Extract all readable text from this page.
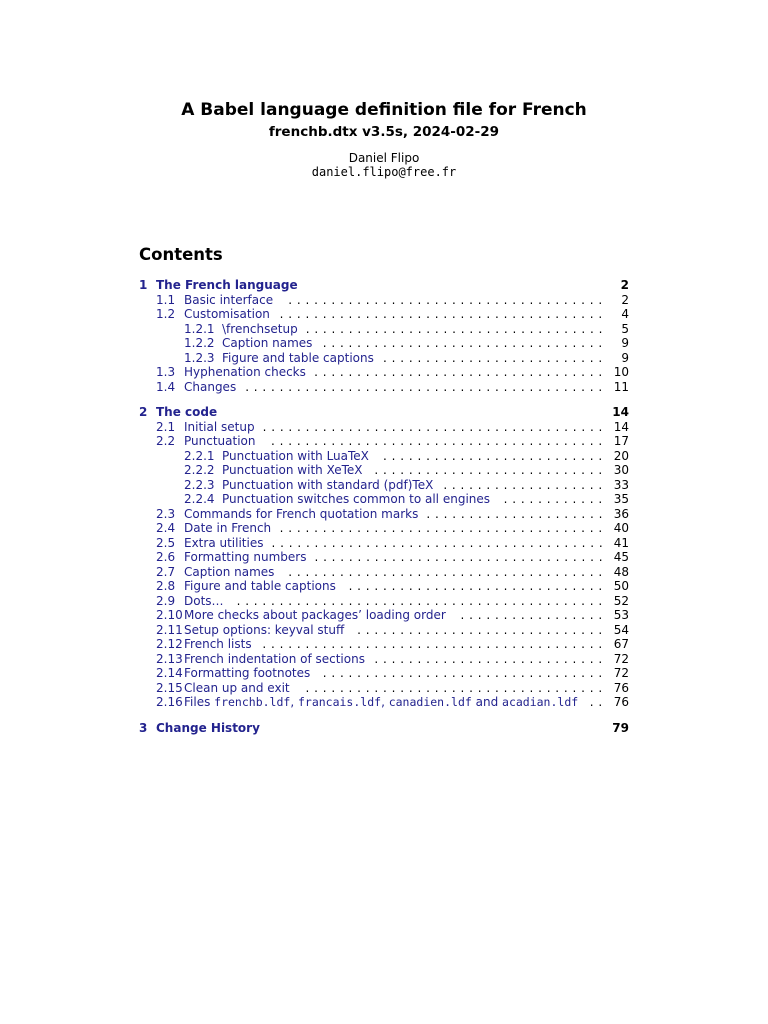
A Babel language definition file for French
frenchb.dtx v3.5s, 2024-02-29
Daniel Flipo
daniel.flipo@free.fr
Contents
1 The French language	2
1.1 Basic interface	..................................... 2
1.2 Customisation ...................................... 4
1.2.1 \frenchsetup ................................... 5
1.2.2 Caption names ................................. 9
1.2.3 Figure and table captions .......................... 9
1.3 Hyphenation checks .................................. 10
1.4 Changes .......................................... 11
2 The code	14
2.1 Initial setup ........................................ 14
2.2 Punctuation	....................................... 17
2.2.1 Punctuation with LuaTeX	.......................... 20
2.2.2 Punctuation with XeTeX ........................... 30
2.2.3 Punctuation with standard (pdf)TeX ................... 33
2.2.4 Punctuation switches common to all engines	............ 35
2.3 Commands for French quotation marks ..................... 36
2.4 Date in French ...................................... 40
2.5 Extra utilities ....................................... 41
2.6 Formatting numbers .................................. 45
2.7 Caption names	..................................... 48
2.8 Figure and table captions	.............................. 50
2.9 Dots…	........................................... 52
2.10 More checks about packages’ loading order	................. 53
2.11 Setup options: keyval stuff	............................. 54
2.12 French lists ........................................ 67
2.13 French indentation of sections ........................... 72
2.14 Formatting footnotes	................................. 72
2.15 Clean up and exit	................................... 76
2.16 Files frenchb.ldf, francais.ldf, canadien.ldf and acadian.ldf .. 76
3 Change History	79
